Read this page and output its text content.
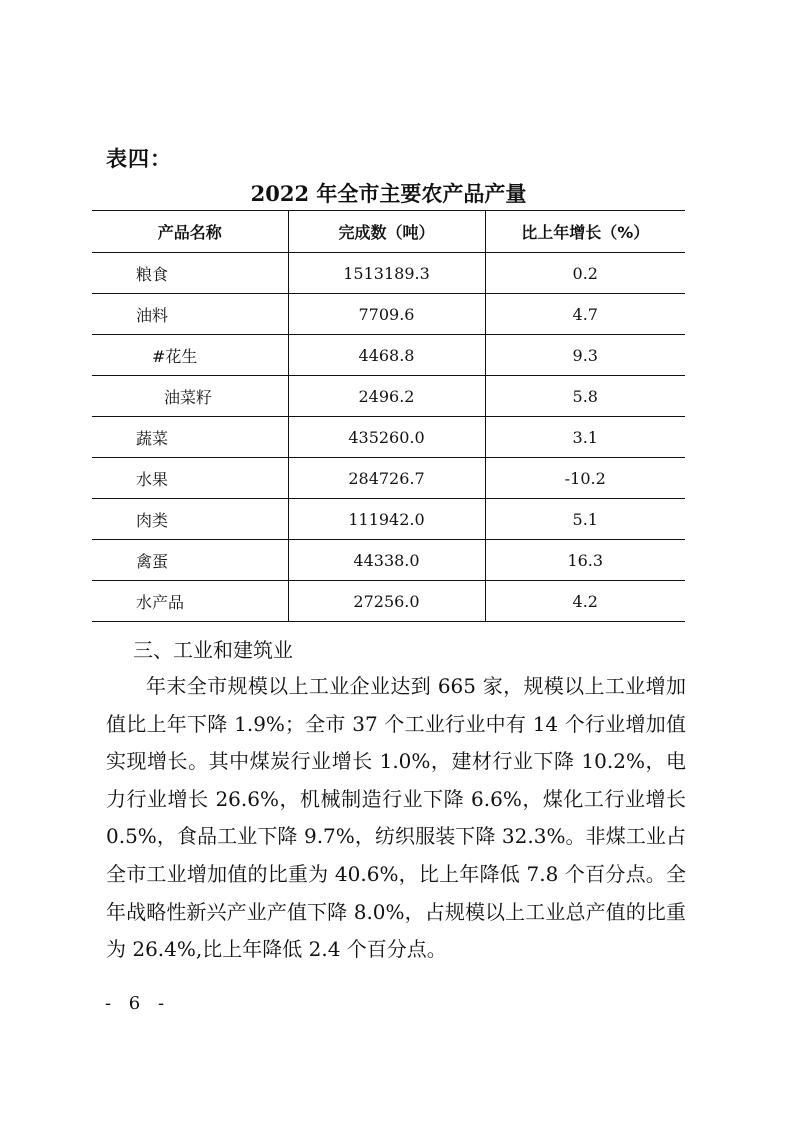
表四：
2022 年全市主要农产品产量
产品名称	完成数（吨）	比上年增长（%）
粮食	1513189.3	0.2
油料	7709.6	4.7
#花生	4468.8	9.3
油菜籽	2496.2	5.8
蔬菜	435260.0	3.1
水果	284726.7	-10.2
肉类	111942.0	5.1
禽蛋	44338.0	16.3
水产品	27256.0	4.2
三、工业和建筑业

年末全市规模以上工业企业达到 665 家，规模以上工业增加值比上年下降 1.9%；全市 37 个工业行业中有 14 个行业增加值实现增长。其中煤炭行业增长 1.0%，建材行业下降 10.2%，电力行业增长 26.6%，机械制造行业下降 6.6%，煤化工行业增长 0.5%，食品工业下降 9.7%，纺织服装下降 32.3%。非煤工业占全市工业增加值的比重为 40.6%，比上年降低 7.8 个百分点。全年战略性新兴产业产值下降 8.0%，占规模以上工业总产值的比重为 26.4%,比上年降低 2.4 个百分点。

- 6 -
